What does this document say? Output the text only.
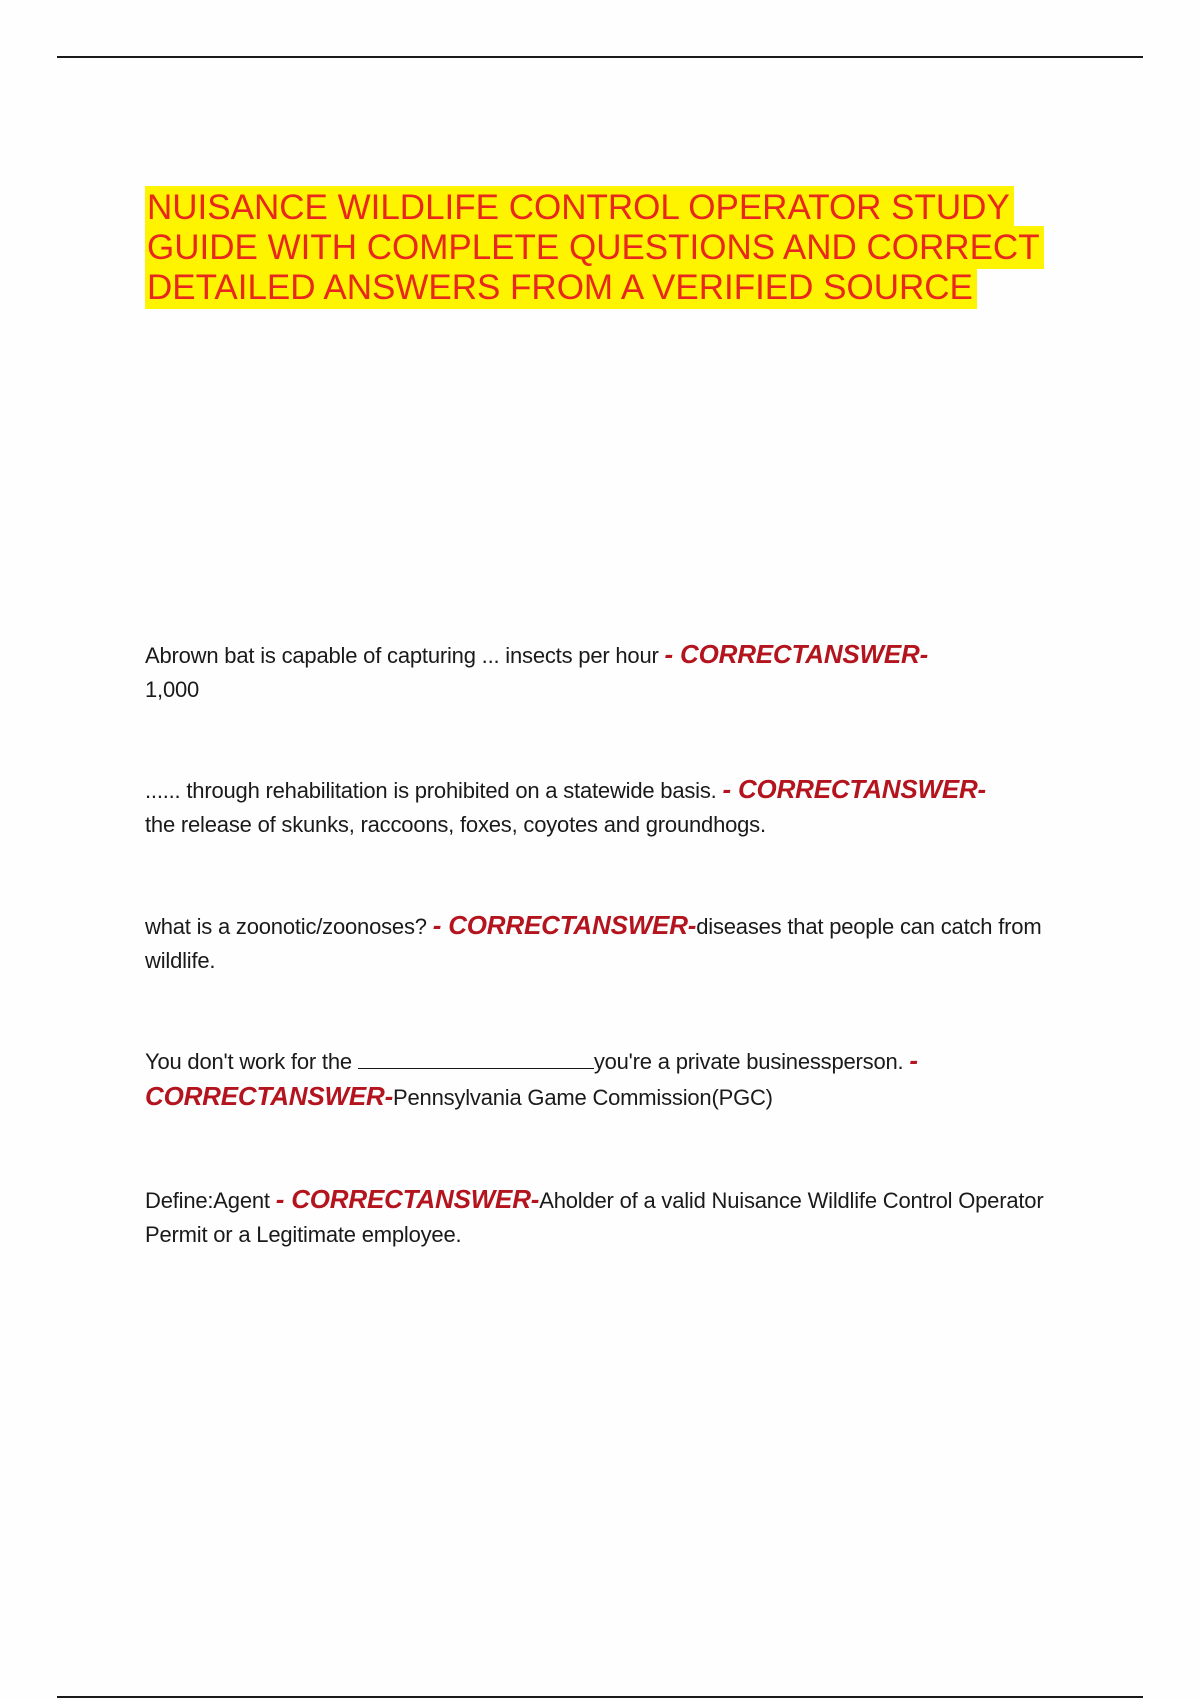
NUISANCE WILDLIFE CONTROL OPERATOR STUDY GUIDE WITH COMPLETE QUESTIONS AND CORRECT DETAILED ANSWERS FROM A VERIFIED SOURCE

Abrown bat is capable of capturing ... insects per hour - CORRECTANSWER-
1,000

...... through rehabilitation is prohibited on a statewide basis. - CORRECTANSWER-
the release of skunks, raccoons, foxes, coyotes and groundhogs.

what is a zoonotic/zoonoses? - CORRECTANSWER-diseases that people can catch from wildlife.

You don't work for the	you're a private businessperson. - CORRECTANSWER-Pennsylvania Game Commission(PGC)

Define:Agent - CORRECTANSWER-Aholder of a valid Nuisance Wildlife Control Operator Permit or a Legitimate employee.
